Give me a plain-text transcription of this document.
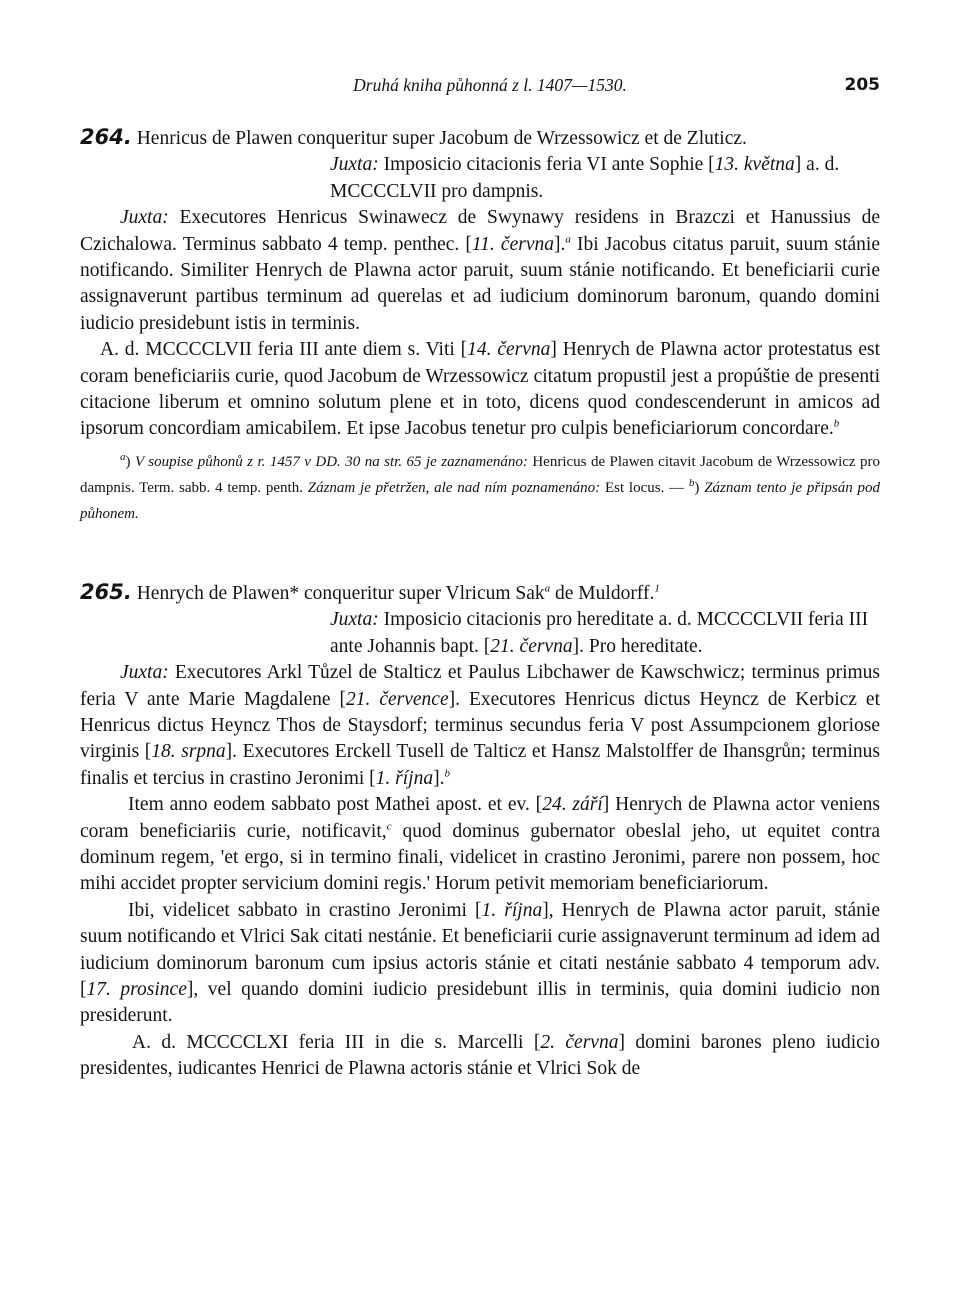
Druhá kniha půhonná z l. 1407—1530.	205

264. Henricus de Plawen conqueritur super Jacobum de Wrzessowicz et de Zluticz.

Juxta: Imposicio citacionis feria VI ante Sophie [13. května] a. d. MCCCCLVII pro dampnis.

Juxta: Executores Henricus Swinawecz de Swynawy residens in Brazczi et Hanussius de Czichalowa. Terminus sabbato 4 temp. penthec. [11. června].$^a$ Ibi Jacobus citatus paruit, suum stánie notificando. Similiter Henrych de Plawna actor paruit, suum stánie notificando. Et beneficiarii curie assignaverunt partibus terminum ad querelas et ad iudicium dominorum baronum, quando domini iudicio presidebunt istis in terminis.

A. d. MCCCCLVII feria III ante diem s. Viti [14. června] Henrych de Plawna actor protestatus est coram beneficiariis curie, quod Jacobum de Wrzessowicz citatum propustil jest a propúštie de presenti citacione liberum et omnino solutum plene et in toto, dicens quod condescenderunt in amicos ad ipsorum concordiam amicabilem. Et ipse Jacobus tenetur pro culpis beneficiariorum concordare.$^b$

$^a$) V soupise půhonů z r. 1457 v DD. 30 na str. 65 je zaznamenáno: Henricus de Plawen citavit Jacobum de Wrzessowicz pro dampnis. Term. sabb. 4 temp. penth. Záznam je přetržen, ale nad ním poznamenáno: Est locus. — $^b$) Záznam tento je připsán pod půhonem.

265. Henrych de Plawen* conqueritur super Vlricum Sak$^a$ de Muldorff.$^1$

Juxta: Imposicio citacionis pro hereditate a. d. MCCCCLVII feria III ante Johannis bapt. [21. června]. Pro hereditate.

Juxta: Executores Arkl Tůzel de Stalticz et Paulus Libchawer de Kawschwicz; terminus primus feria V ante Marie Magdalene [21. července]. Executores Henricus dictus Heyncz de Kerbicz et Henricus dictus Heyncz Thos de Staysdorf; terminus secundus feria V post Assumpcionem gloriose virginis [18. srpna]. Executores Erckell Tusell de Talticz et Hansz Malstolffer de Ihansgrůn; terminus finalis et tercius in crastino Jeronimi [1. října].$^b$

Item anno eodem sabbato post Mathei apost. et ev. [24. září] Henrych de Plawna actor veniens coram beneficiariis curie, notificavit,$^c$ quod dominus gubernator obeslal jeho, ut equitet contra dominum regem, 'et ergo, si in termino finali, videlicet in crastino Jeronimi, parere non possem, hoc mihi accidet propter servicium domini regis.' Horum petivit memoriam beneficiariorum.

Ibi, videlicet sabbato in crastino Jeronimi [1. října], Henrych de Plawna actor paruit, stánie suum notificando et Vlrici Sak citati nestánie. Et beneficiarii curie assignaverunt terminum ad idem ad iudicium dominorum baronum cum ipsius actoris stánie et citati nestánie sabbato 4 temporum adv. [17. prosince], vel quando domini iudicio presidebunt illis in terminis, quia domini iudicio non presiderunt.

A. d. MCCCCLXI feria III in die s. Marcelli [2. června] domini barones pleno iudicio presidentes, iudicantes Henrici de Plawna actoris stánie et Vlrici Sok de
